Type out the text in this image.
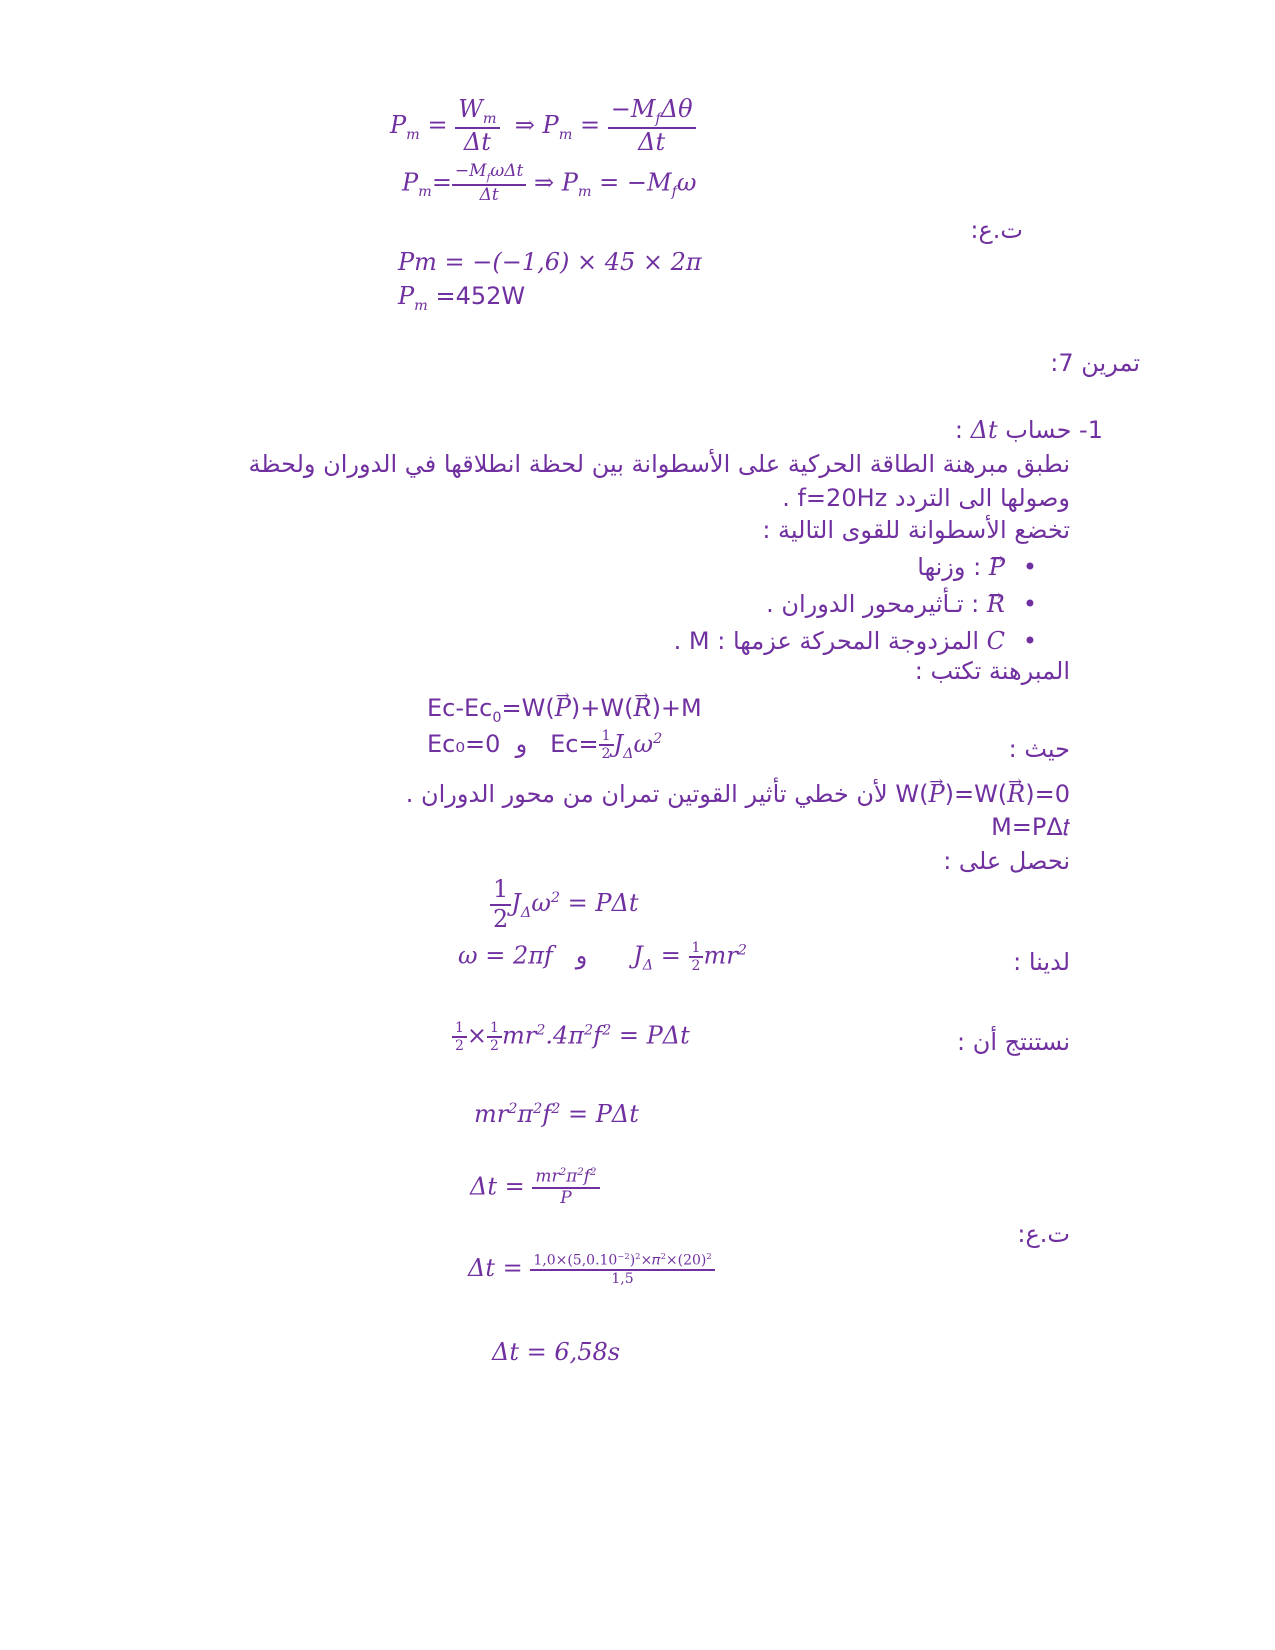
𝑃$_𝑚$ = $\frac{𝑊_𝑚}{\text{Δ𝑡}}$ ⇒ 𝑃$_𝑚$ = $\frac{-𝑀_𝑓\Delta 𝜃}{\text{Δ𝑡}}$
𝑃$_𝑚$= $\frac{-𝑀_𝑓𝜔\Delta 𝑡}{\text{Δ𝑡}}$ ⇒ 𝑃$_𝑚$ = −𝑀$_𝑓$𝜔
ت.ع:
𝑃𝑚 = −(−1,6) × 45 × 2𝜋
𝑃$_𝑚$ =452W
تمرين 7:
1- حساب Δ𝑡 :
نطبق مبرهنة الطاقة الحركية على الأسطوانة بين لحظة انطلاقها في الدوران ولحظة
وصولها الى التردد f=20Hz .
تخضع الأسطوانة للقوى التالية :
• → 𝑃 : وزنها
• → 𝑅 : تـأثيرمحور الدوران .
• 𝐶 المزدوجة المحركة عزمها : M .
المبرهنة تكتب :
$Ec-Ec_0=W(\to$ 𝑃)+W(→ 𝑅)+M
حيث :
Ec₀=0 و   $Ec= \frac{1}{2}$ 𝐽$_\Delta$𝜔$^2$
W(→ 𝑃)=W(→ 𝑅)=0 لأن خطي تأثير القوتين تمران من محور الدوران .
M=PΔ𝑡
نحصل على :
$\frac{1}{2}$ 𝐽$_\Delta$𝜔$^2$ = 𝑃Δ𝑡
لدينا :
𝜔 = 2𝜋𝑓   و      𝐽$_\Delta$ = $\frac{1}{2}$ 𝑚𝑟$^2$
نستنتج أن :
$\frac{1}{2} \times \frac{1}{2}$ 𝑚𝑟$^2$.4𝜋$^2$𝑓$^2$ = 𝑃Δ𝑡
𝑚𝑟$^2$𝜋$^2$𝑓$^2$ = 𝑃Δ𝑡
Δ𝑡 = $\frac{𝑚𝑟^2𝜋^2𝑓^2}{\text{𝑃}}$
ت.ع:
Δ𝑡 = $\frac{1,0\times(5,0.10^{-2})^2\times 𝜋^2\times(20)^2}{1,5}$
Δ𝑡 = 6,58𝑠
